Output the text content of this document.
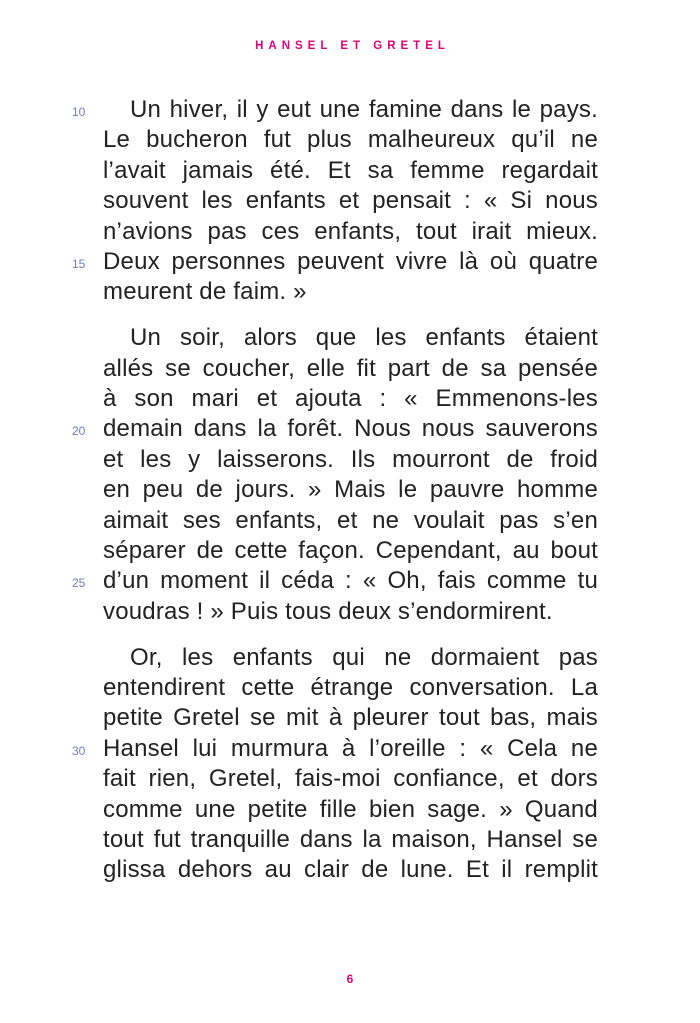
HANSEL ET GRETEL
10 Un hiver, il y eut une famine dans le pays.
Le bucheron fut plus malheureux qu’il ne
l’avait jamais été. Et sa femme regardait
souvent les enfants et pensait : « Si nous
n’avions pas ces enfants, tout irait mieux.
15 Deux personnes peuvent vivre là où quatre
meurent de faim. »
Un soir, alors que les enfants étaient
allés se coucher, elle fit part de sa pensée
à son mari et ajouta : « Emmenons-les
20 demain dans la forêt. Nous nous sauverons
et les y laisserons. Ils mourront de froid
en peu de jours. » Mais le pauvre homme
aimait ses enfants, et ne voulait pas s’en
séparer de cette façon. Cependant, au bout
25 d’un moment il céda : « Oh, fais comme tu
voudras ! » Puis tous deux s’endormirent.
Or, les enfants qui ne dormaient pas
entendirent cette étrange conversation. La
petite Gretel se mit à pleurer tout bas, mais
30 Hansel lui murmura à l’oreille : « Cela ne
fait rien, Gretel, fais-moi confiance, et dors
comme une petite fille bien sage. » Quand
tout fut tranquille dans la maison, Hansel se
glissa dehors au clair de lune. Et il remplit
6
